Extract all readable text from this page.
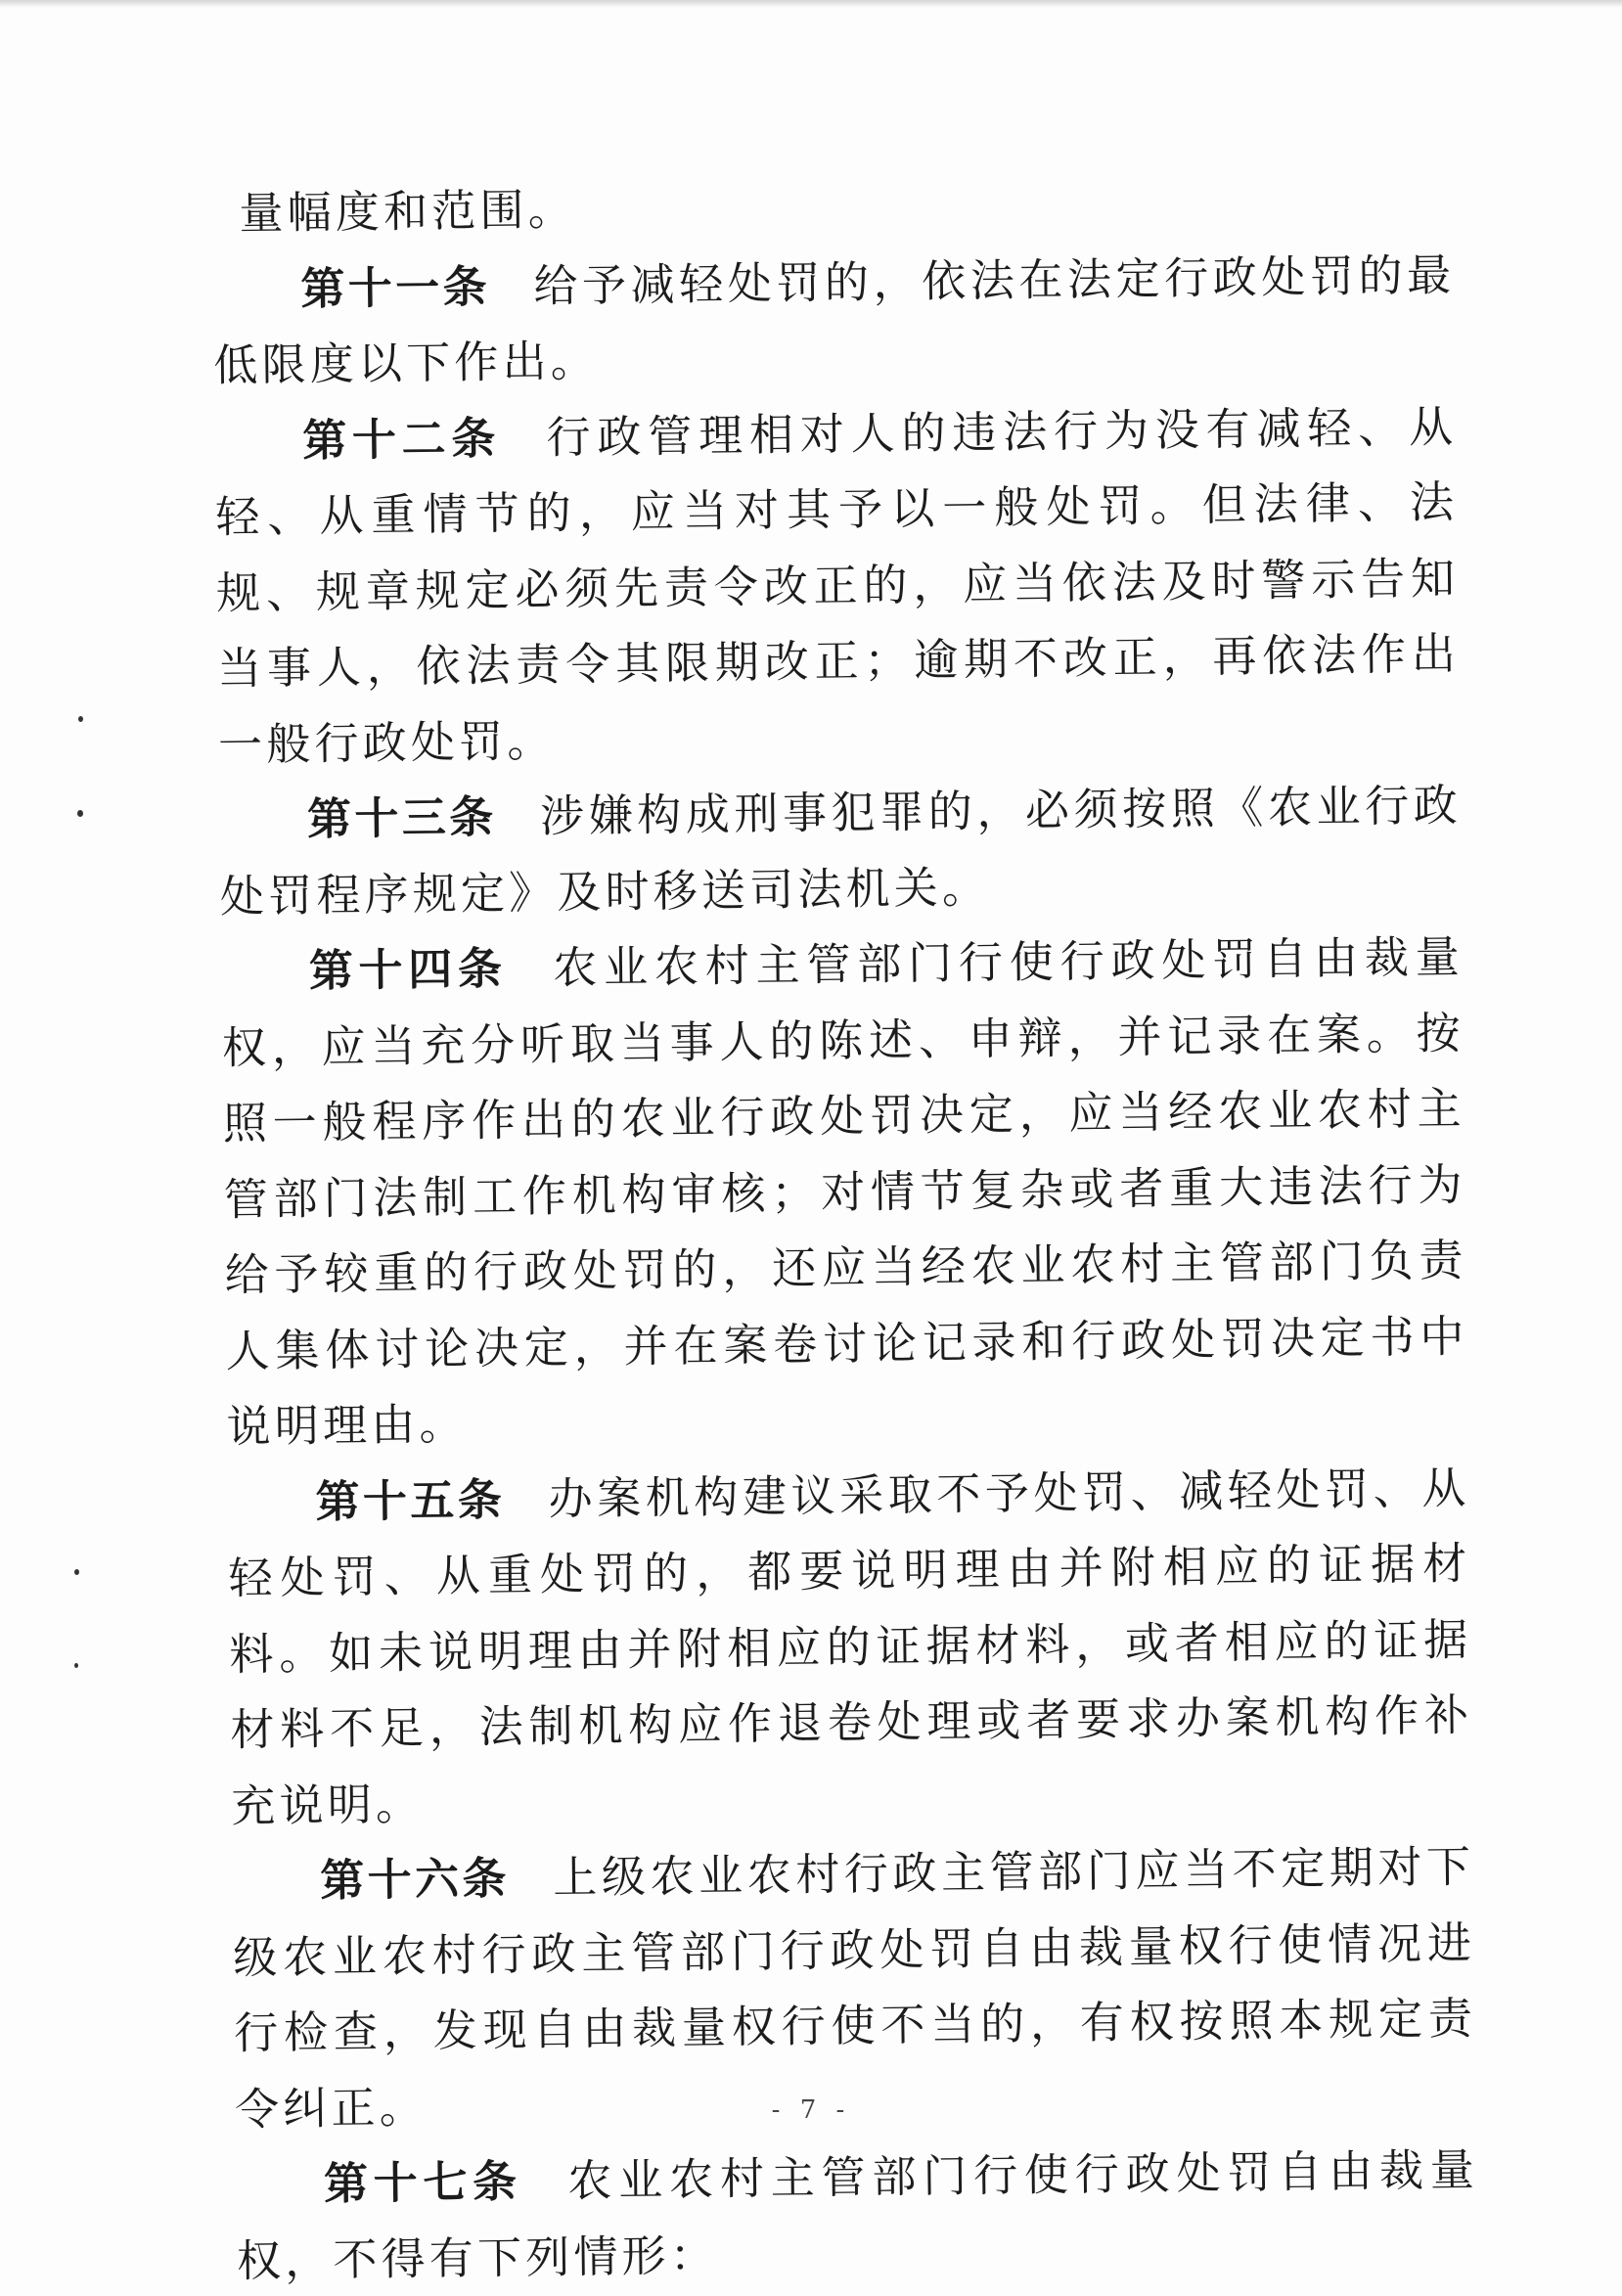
量幅度和范围。

第十一条 给予减轻处罚的，依法在法定行政处罚的最低限度以下作出。

第十二条 行政管理相对人的违法行为没有减轻、从轻、从重情节的，应当对其予以一般处罚。但法律、法规、规章规定必须先责令改正的，应当依法及时警示告知当事人，依法责令其限期改正；逾期不改正，再依法作出一般行政处罚。

第十三条 涉嫌构成刑事犯罪的，必须按照《农业行政处罚程序规定》及时移送司法机关。

第十四条 农业农村主管部门行使行政处罚自由裁量权，应当充分听取当事人的陈述、申辩，并记录在案。按照一般程序作出的农业行政处罚决定，应当经农业农村主管部门法制工作机构审核；对情节复杂或者重大违法行为给予较重的行政处罚的，还应当经农业农村主管部门负责人集体讨论决定，并在案卷讨论记录和行政处罚决定书中说明理由。

第十五条 办案机构建议采取不予处罚、减轻处罚、从轻处罚、从重处罚的，都要说明理由并附相应的证据材料。如未说明理由并附相应的证据材料，或者相应的证据材料不足，法制机构应作退卷处理或者要求办案机构作补充说明。

第十六条 上级农业农村行政主管部门应当不定期对下级农业农村行政主管部门行政处罚自由裁量权行使情况进行检查，发现自由裁量权行使不当的，有权按照本规定责令纠正。

第十七条 农业农村主管部门行使行政处罚自由裁量权，不得有下列情形：

- 7 -
